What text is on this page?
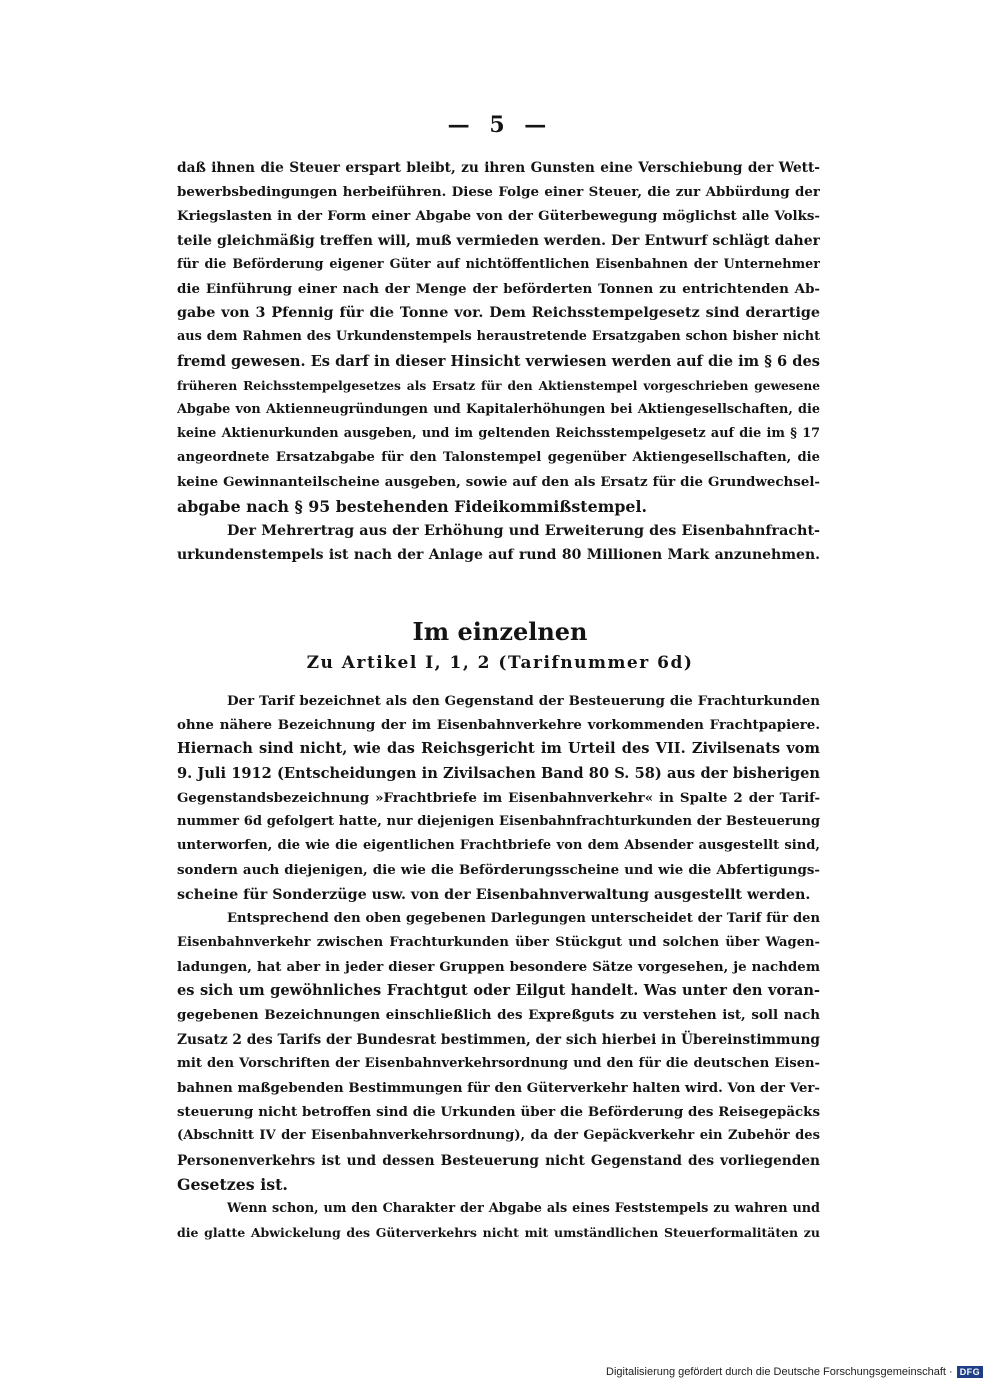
— 5 —
daß ihnen die Steuer erspart bleibt, zu ihren Gunsten eine Verschiebung der Wett-
bewerbsbedingungen herbeiführen. Diese Folge einer Steuer, die zur Abbürdung der
Kriegslasten in der Form einer Abgabe von der Güterbewegung möglichst alle Volks-
teile gleichmäßig treffen will, muß vermieden werden. Der Entwurf schlägt daher
für die Beförderung eigener Güter auf nichtöffentlichen Eisenbahnen der Unternehmer
die Einführung einer nach der Menge der beförderten Tonnen zu entrichtenden Ab-
gabe von 3 Pfennig für die Tonne vor. Dem Reichsstempelgesetz sind derartige
aus dem Rahmen des Urkundenstempels heraustretende Ersatzgaben schon bisher nicht
fremd gewesen. Es darf in dieser Hinsicht verwiesen werden auf die im § 6 des
früheren Reichsstempelgesetzes als Ersatz für den Aktienstempel vorgeschrieben gewesene
Abgabe von Aktienneugründungen und Kapitalerhöhungen bei Aktiengesellschaften, die
keine Aktienurkunden ausgeben, und im geltenden Reichsstempelgesetz auf die im § 17
angeordnete Ersatzabgabe für den Talonstempel gegenüber Aktiengesellschaften, die
keine Gewinnanteilscheine ausgeben, sowie auf den als Ersatz für die Grundwechsel-
abgabe nach § 95 bestehenden Fideikommißstempel.
Der Mehrertrag aus der Erhöhung und Erweiterung des Eisenbahnfracht-
urkundenstempels ist nach der Anlage auf rund 80 Millionen Mark anzunehmen.
Im einzelnen
Zu Artikel I, 1, 2 (Tarifnummer 6d)
Der Tarif bezeichnet als den Gegenstand der Besteuerung die Frachturkunden
ohne nähere Bezeichnung der im Eisenbahnverkehre vorkommenden Frachtpapiere.
Hiernach sind nicht, wie das Reichsgericht im Urteil des VII. Zivilsenats vom
9. Juli 1912 (Entscheidungen in Zivilsachen Band 80 S. 58) aus der bisherigen
Gegenstandsbezeichnung »Frachtbriefe im Eisenbahnverkehr« in Spalte 2 der Tarif-
nummer 6d gefolgert hatte, nur diejenigen Eisenbahnfrachturkunden der Besteuerung
unterworfen, die wie die eigentlichen Frachtbriefe von dem Absender ausgestellt sind,
sondern auch diejenigen, die wie die Beförderungsscheine und wie die Abfertigungs-
scheine für Sonderzüge usw. von der Eisenbahnverwaltung ausgestellt werden.
Entsprechend den oben gegebenen Darlegungen unterscheidet der Tarif für den
Eisenbahnverkehr zwischen Frachturkunden über Stückgut und solchen über Wagen-
ladungen, hat aber in jeder dieser Gruppen besondere Sätze vorgesehen, je nachdem
es sich um gewöhnliches Frachtgut oder Eilgut handelt. Was unter den voran-
gegebenen Bezeichnungen einschließlich des Expreßguts zu verstehen ist, soll nach
Zusatz 2 des Tarifs der Bundesrat bestimmen, der sich hierbei in Übereinstimmung
mit den Vorschriften der Eisenbahnverkehrsordnung und den für die deutschen Eisen-
bahnen maßgebenden Bestimmungen für den Güterverkehr halten wird. Von der Ver-
steuerung nicht betroffen sind die Urkunden über die Beförderung des Reisegepäcks
(Abschnitt IV der Eisenbahnverkehrsordnung), da der Gepäckverkehr ein Zubehör des
Personenverkehrs ist und dessen Besteuerung nicht Gegenstand des vorliegenden
Gesetzes ist.
Wenn schon, um den Charakter der Abgabe als eines Feststempels zu wahren und
die glatte Abwickelung des Güterverkehrs nicht mit umständlichen Steuerformalitäten zu
Digitalisierung gefördert durch die Deutsche Forschungsgemeinschaft · DFG
